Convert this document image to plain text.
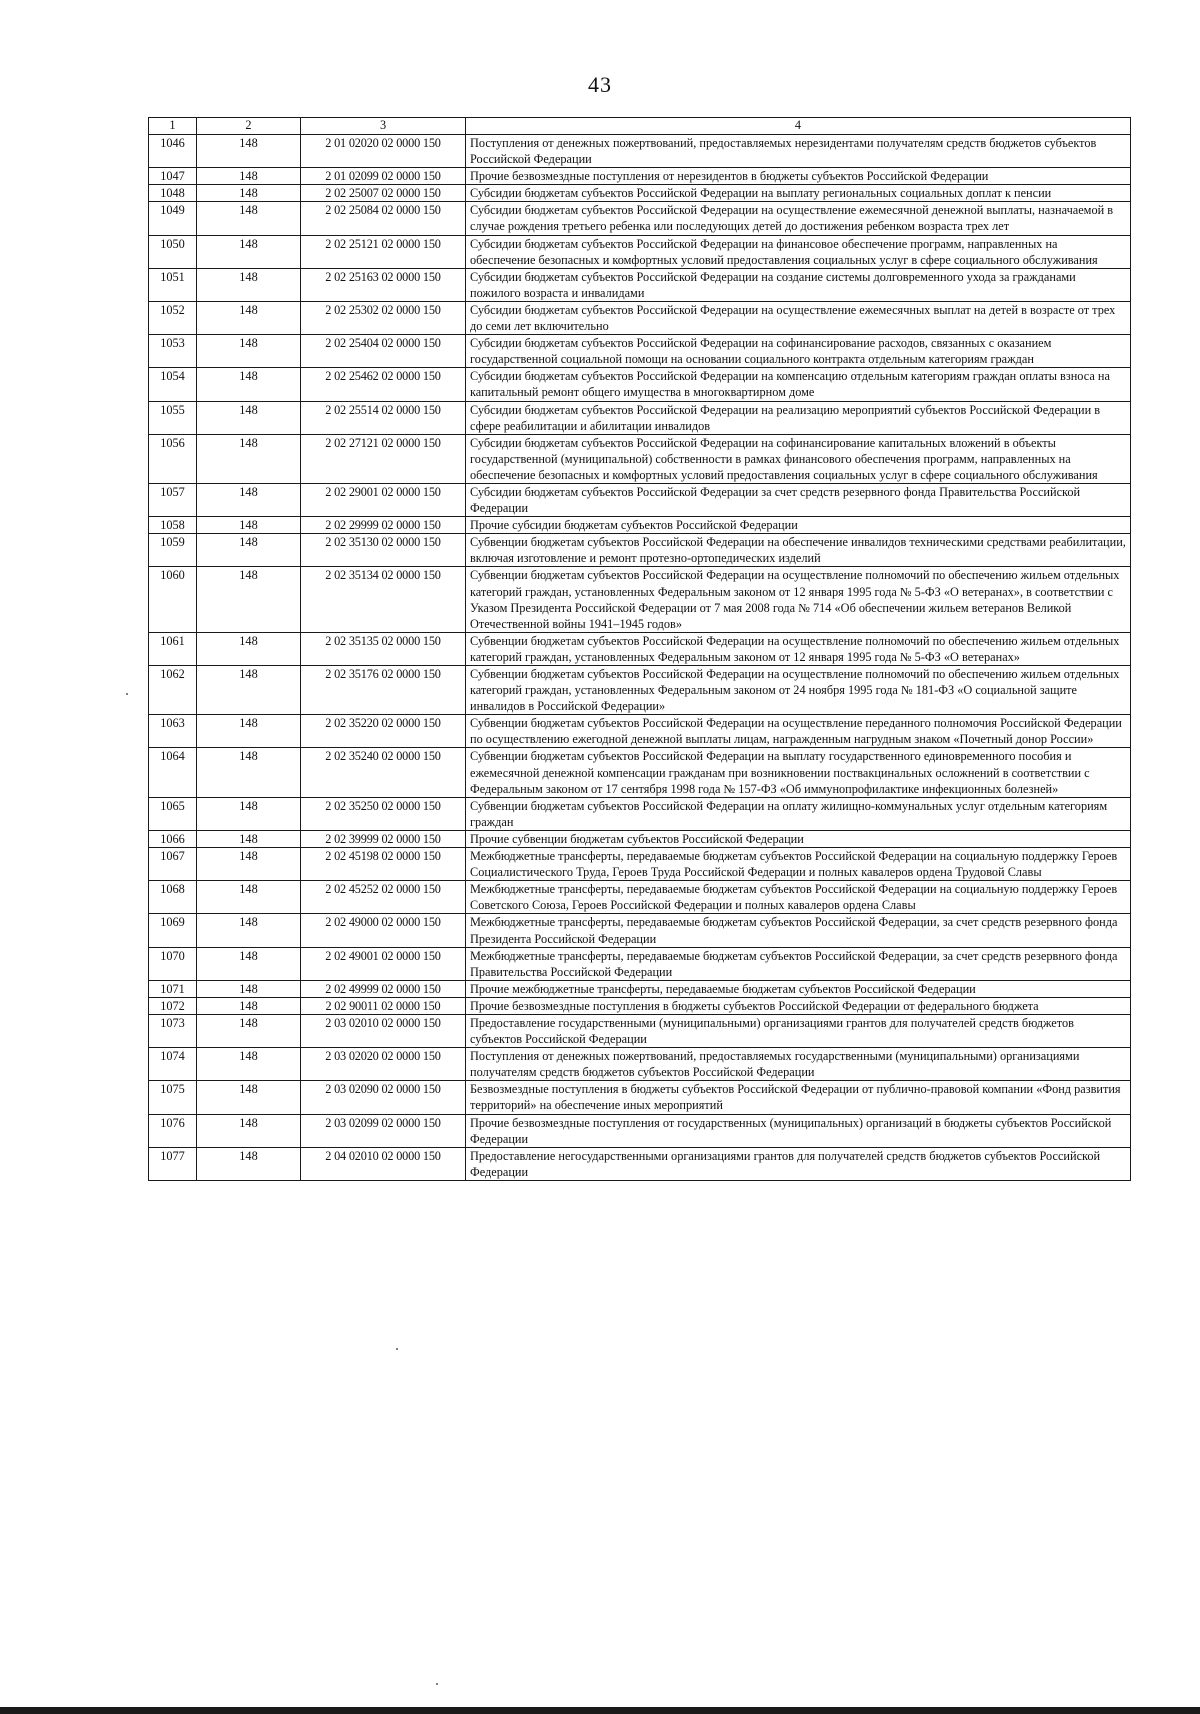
43
1	2	3	4
1046	148	2 01 02020 02 0000 150	Поступления от денежных пожертвований, предоставляемых нерезидентами получателям средств бюджетов субъектов Российской Федерации
1047	148	2 01 02099 02 0000 150	Прочие безвозмездные поступления от нерезидентов в бюджеты субъектов Российской Федерации
1048	148	2 02 25007 02 0000 150	Субсидии бюджетам субъектов Российской Федерации на выплату региональных социальных доплат к пенсии
1049	148	2 02 25084 02 0000 150	Субсидии бюджетам субъектов Российской Федерации на осуществление ежемесячной денежной выплаты, назначаемой в случае рождения третьего ребенка или последующих детей до достижения ребенком возраста трех лет
1050	148	2 02 25121 02 0000 150	Субсидии бюджетам субъектов Российской Федерации на финансовое обеспечение программ, направленных на обеспечение безопасных и комфортных условий предоставления социальных услуг в сфере социального обслуживания
1051	148	2 02 25163 02 0000 150	Субсидии бюджетам субъектов Российской Федерации на создание системы долговременного ухода за гражданами пожилого возраста и инвалидами
1052	148	2 02 25302 02 0000 150	Субсидии бюджетам субъектов Российской Федерации на осуществление ежемесячных выплат на детей в возрасте от трех до семи лет включительно
1053	148	2 02 25404 02 0000 150	Субсидии бюджетам субъектов Российской Федерации на софинансирование расходов, связанных с оказанием государственной социальной помощи на основании социального контракта отдельным категориям граждан
1054	148	2 02 25462 02 0000 150	Субсидии бюджетам субъектов Российской Федерации на компенсацию отдельным категориям граждан оплаты взноса на капитальный ремонт общего имущества в многоквартирном доме
1055	148	2 02 25514 02 0000 150	Субсидии бюджетам субъектов Российской Федерации на реализацию мероприятий субъектов Российской Федерации в сфере реабилитации и абилитации инвалидов
1056	148	2 02 27121 02 0000 150	Субсидии бюджетам субъектов Российской Федерации на софинансирование капитальных вложений в объекты государственной (муниципальной) собственности в рамках финансового обеспечения программ, направленных на обеспечение безопасных и комфортных условий предоставления социальных услуг в сфере социального обслуживания
1057	148	2 02 29001 02 0000 150	Субсидии бюджетам субъектов Российской Федерации за счет средств резервного фонда Правительства Российской Федерации
1058	148	2 02 29999 02 0000 150	Прочие субсидии бюджетам субъектов Российской Федерации
1059	148	2 02 35130 02 0000 150	Субвенции бюджетам субъектов Российской Федерации на обеспечение инвалидов техническими средствами реабилитации, включая изготовление и ремонт протезно-ортопедических изделий
1060	148	2 02 35134 02 0000 150	Субвенции бюджетам субъектов Российской Федерации на осуществление полномочий по обеспечению жильем отдельных категорий граждан, установленных Федеральным законом от 12 января 1995 года № 5-ФЗ «О ветеранах», в соответствии с Указом Президента Российской Федерации от 7 мая 2008 года № 714 «Об обеспечении жильем ветеранов Великой Отечественной войны 1941–1945 годов»
1061	148	2 02 35135 02 0000 150	Субвенции бюджетам субъектов Российской Федерации на осуществление полномочий по обеспечению жильем отдельных категорий граждан, установленных Федеральным законом от 12 января 1995 года № 5-ФЗ «О ветеранах»
1062	148	2 02 35176 02 0000 150	Субвенции бюджетам субъектов Российской Федерации на осуществление полномочий по обеспечению жильем отдельных категорий граждан, установленных Федеральным законом от 24 ноября 1995 года № 181-ФЗ «О социальной защите инвалидов в Российской Федерации»
1063	148	2 02 35220 02 0000 150	Субвенции бюджетам субъектов Российской Федерации на осуществление переданного полномочия Российской Федерации по осуществлению ежегодной денежной выплаты лицам, награжденным нагрудным знаком «Почетный донор России»
1064	148	2 02 35240 02 0000 150	Субвенции бюджетам субъектов Российской Федерации на выплату государственного единовременного пособия и ежемесячной денежной компенсации гражданам при возникновении поствакцинальных осложнений в соответствии с Федеральным законом от 17 сентября 1998 года № 157-ФЗ «Об иммунопрофилактике инфекционных болезней»
1065	148	2 02 35250 02 0000 150	Субвенции бюджетам субъектов Российской Федерации на оплату жилищно-коммунальных услуг отдельным категориям граждан
1066	148	2 02 39999 02 0000 150	Прочие субвенции бюджетам субъектов Российской Федерации
1067	148	2 02 45198 02 0000 150	Межбюджетные трансферты, передаваемые бюджетам субъектов Российской Федерации на социальную поддержку Героев Социалистического Труда, Героев Труда Российской Федерации и полных кавалеров ордена Трудовой Славы
1068	148	2 02 45252 02 0000 150	Межбюджетные трансферты, передаваемые бюджетам субъектов Российской Федерации на социальную поддержку Героев Советского Союза, Героев Российской Федерации и полных кавалеров ордена Славы
1069	148	2 02 49000 02 0000 150	Межбюджетные трансферты, передаваемые бюджетам субъектов Российской Федерации, за счет средств резервного фонда Президента Российской Федерации
1070	148	2 02 49001 02 0000 150	Межбюджетные трансферты, передаваемые бюджетам субъектов Российской Федерации, за счет средств резервного фонда Правительства Российской Федерации
1071	148	2 02 49999 02 0000 150	Прочие межбюджетные трансферты, передаваемые бюджетам субъектов Российской Федерации
1072	148	2 02 90011 02 0000 150	Прочие безвозмездные поступления в бюджеты субъектов Российской Федерации от федерального бюджета
1073	148	2 03 02010 02 0000 150	Предоставление государственными (муниципальными) организациями грантов для получателей средств бюджетов субъектов Российской Федерации
1074	148	2 03 02020 02 0000 150	Поступления от денежных пожертвований, предоставляемых государственными (муниципальными) организациями получателям средств бюджетов субъектов Российской Федерации
1075	148	2 03 02090 02 0000 150	Безвозмездные поступления в бюджеты субъектов Российской Федерации от публично-правовой компании «Фонд развития территорий» на обеспечение иных мероприятий
1076	148	2 03 02099 02 0000 150	Прочие безвозмездные поступления от государственных (муниципальных) организаций в бюджеты субъектов Российской Федерации
1077	148	2 04 02010 02 0000 150	Предоставление негосударственными организациями грантов для получателей средств бюджетов субъектов Российской Федерации
